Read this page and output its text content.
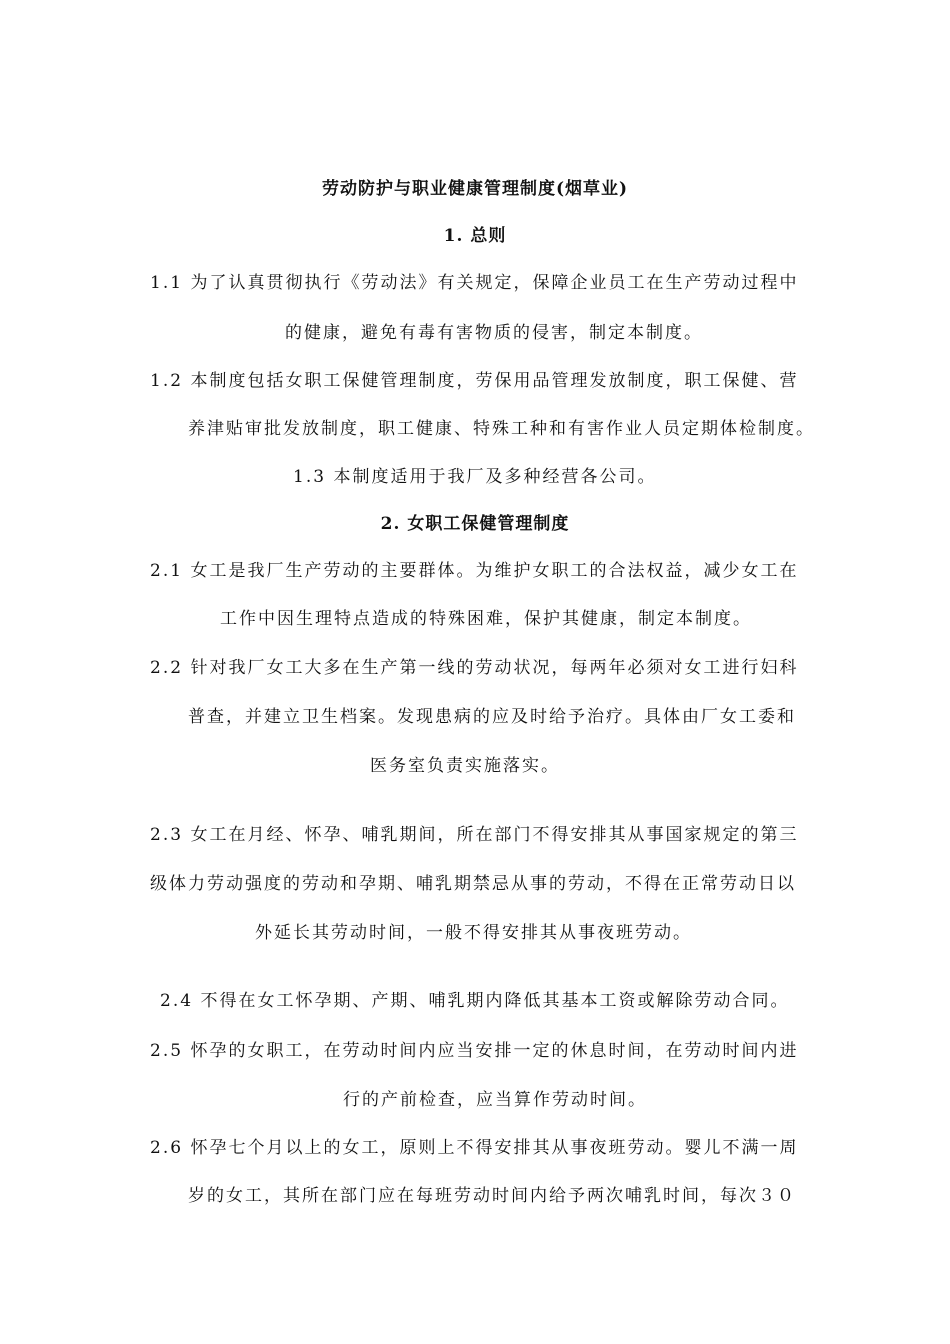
劳动防护与职业健康管理制度(烟草业)
1. 总则
1.1 为了认真贯彻执行《劳动法》有关规定，保障企业员工在生产劳动过程中
的健康，避免有毒有害物质的侵害，制定本制度。
1.2 本制度包括女职工保健管理制度，劳保用品管理发放制度，职工保健、营
养津贴审批发放制度，职工健康、特殊工种和有害作业人员定期体检制度。
1.3 本制度适用于我厂及多种经营各公司。
2. 女职工保健管理制度
2.1 女工是我厂生产劳动的主要群体。为维护女职工的合法权益，减少女工在
工作中因生理特点造成的特殊困难，保护其健康，制定本制度。
2.2 针对我厂女工大多在生产第一线的劳动状况，每两年必须对女工进行妇科
普查，并建立卫生档案。发现患病的应及时给予治疗。具体由厂女工委和
医务室负责实施落实。
2.3 女工在月经、怀孕、哺乳期间，所在部门不得安排其从事国家规定的第三
级体力劳动强度的劳动和孕期、哺乳期禁忌从事的劳动，不得在正常劳动日以
外延长其劳动时间，一般不得安排其从事夜班劳动。
2.4 不得在女工怀孕期、产期、哺乳期内降低其基本工资或解除劳动合同。
2.5 怀孕的女职工，在劳动时间内应当安排一定的休息时间，在劳动时间内进
行的产前检查，应当算作劳动时间。
2.6 怀孕七个月以上的女工，原则上不得安排其从事夜班劳动。婴儿不满一周
岁的女工，其所在部门应在每班劳动时间内给予两次哺乳时间，每次３０
